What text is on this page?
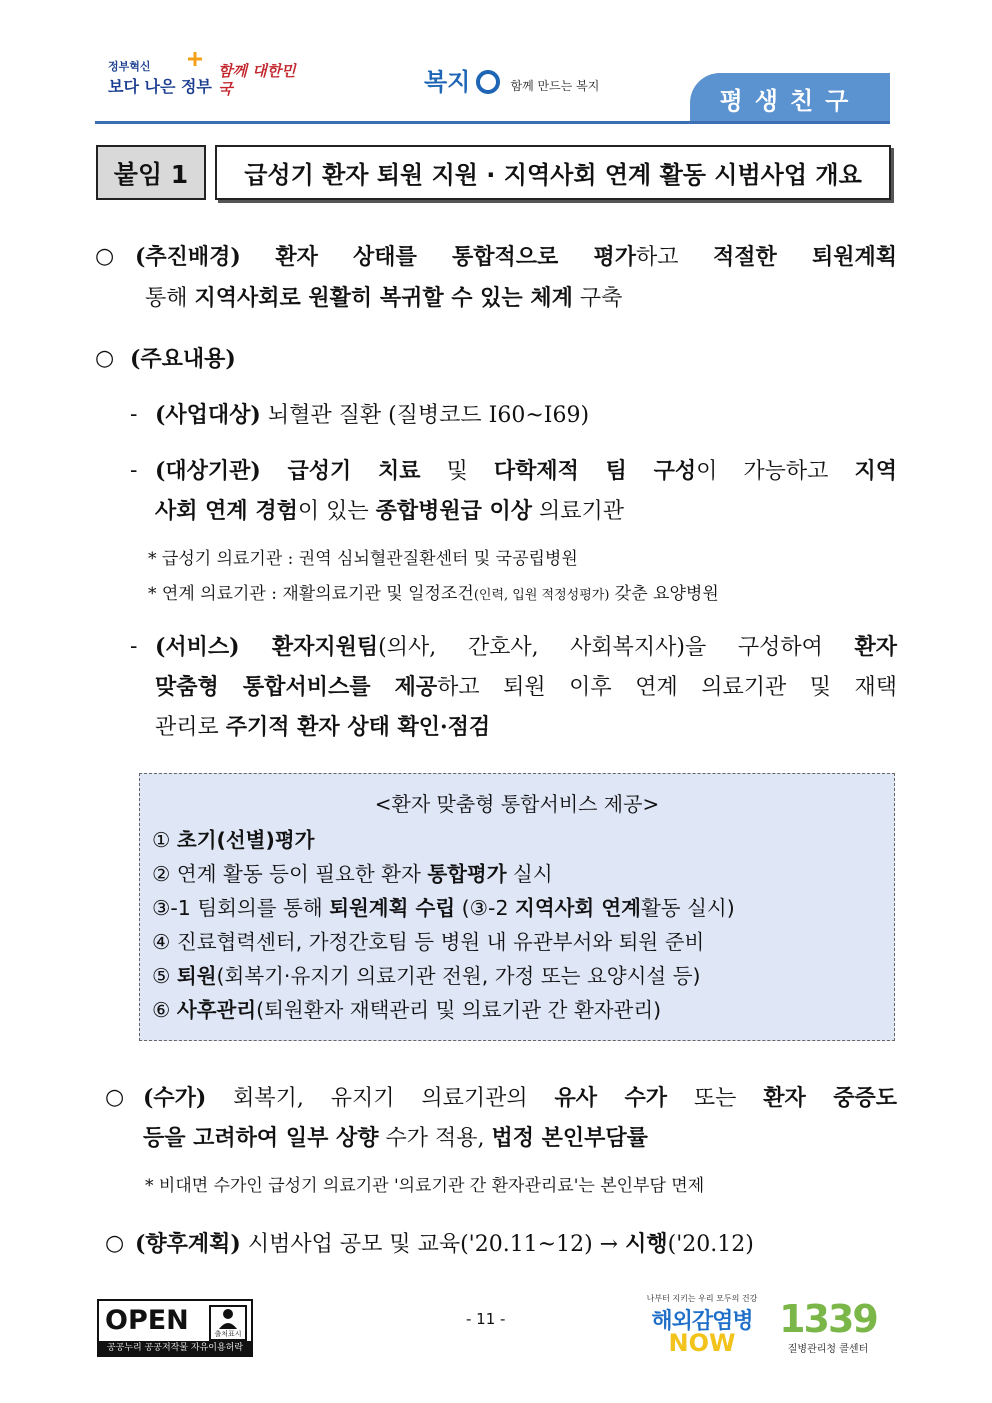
정부혁신
보다 나은 정부
함께 대한민국	복지	함께 만드는 복지
평생친구
붙임 1	급성기 환자 퇴원 지원 · 지역사회 연계 활동 시범사업 개요
○ (추진배경) 환자 상태를 통합적으로 평가하고 적절한 퇴원계획
통해 지역사회로 원활히 복귀할 수 있는 체계 구축
○ (주요내용)
- (사업대상) 뇌혈관 질환 (질병코드 I60~I69)
- (대상기관) 급성기 치료 및 다학제적 팀 구성이 가능하고 지역
사회 연계 경험이 있는 종합병원급 이상 의료기관
* 급성기 의료기관 : 권역 심뇌혈관질환센터 및 국공립병원
* 연계 의료기관 : 재활의료기관 및 일정조건(인력, 입원 적정성평가) 갖춘 요양병원
- (서비스) 환자지원팀(의사, 간호사, 사회복지사)을 구성하여 환자
맞춤형 통합서비스를 제공하고 퇴원 이후 연계 의료기관 및 재택
관리로 주기적 환자 상태 확인·점검
<환자 맞춤형 통합서비스 제공>
① 초기(선별)평가
② 연계 활동 등이 필요한 환자 통합평가 실시
③-1 팀회의를 통해 퇴원계획 수립 (③-2 지역사회 연계활동 실시)
④ 진료협력센터, 가정간호팀 등 병원 내 유관부서와 퇴원 준비
⑤ 퇴원(회복기·유지기 의료기관 전원, 가정 또는 요양시설 등)
⑥ 사후관리(퇴원환자 재택관리 및 의료기관 간 환자관리)
○ (수가) 회복기, 유지기 의료기관의 유사 수가 또는 환자 중증도
등을 고려하여 일부 상향 수가 적용, 법정 본인부담률
* 비대면 수가인 급성기 의료기관 '의료기관 간 환자관리료'는 본인부담 면제
○ (향후계획) 시범사업 공모 및 교육('20.11~12) → 시행('20.12)
OPEN	출처표시
공공누리 공공저작물 자유이용허락
- 11 -
나부터 지키는 우리 모두의 건강
해외감염병
NOW
1339
질병관리청 콜센터
